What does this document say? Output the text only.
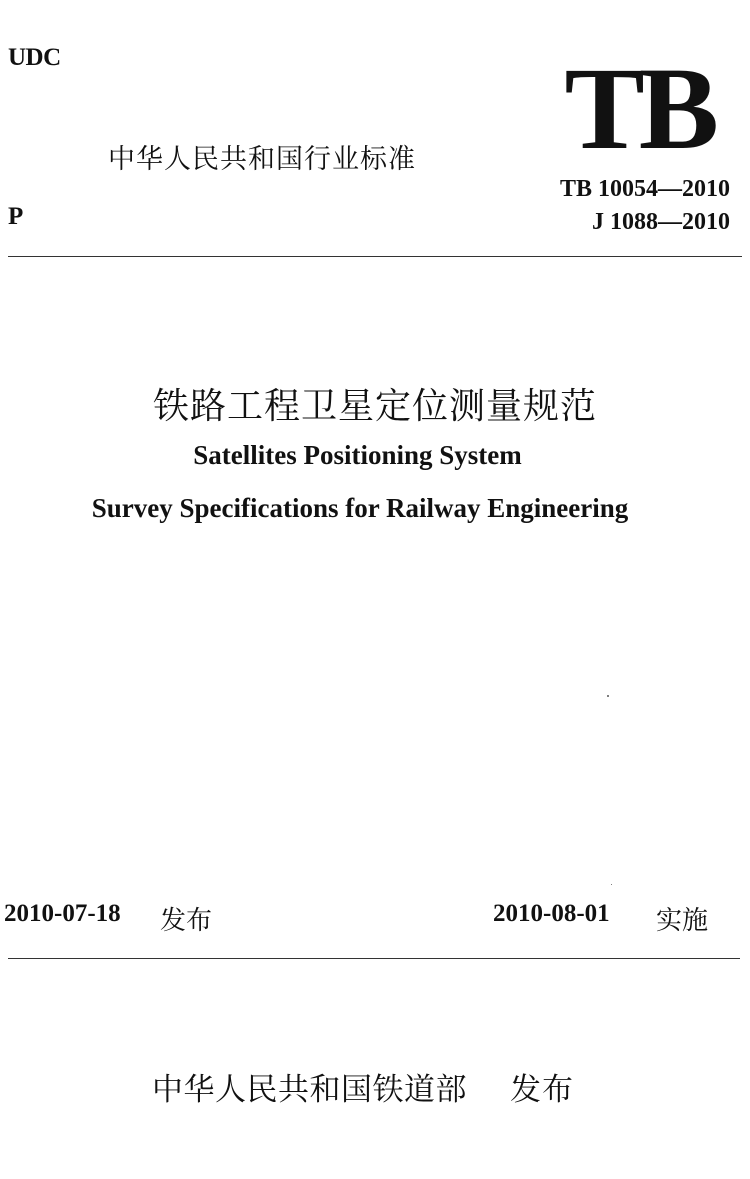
UDC
P
中华人民共和国行业标准 TB
TB 10054—2010
J 1088—2010
铁路工程卫星定位测量规范
Satellites Positioning System
Survey Specifications for Railway Engineering
2010-07-18 发布	2010-08-01 实施
中华人民共和国铁道部 发布
